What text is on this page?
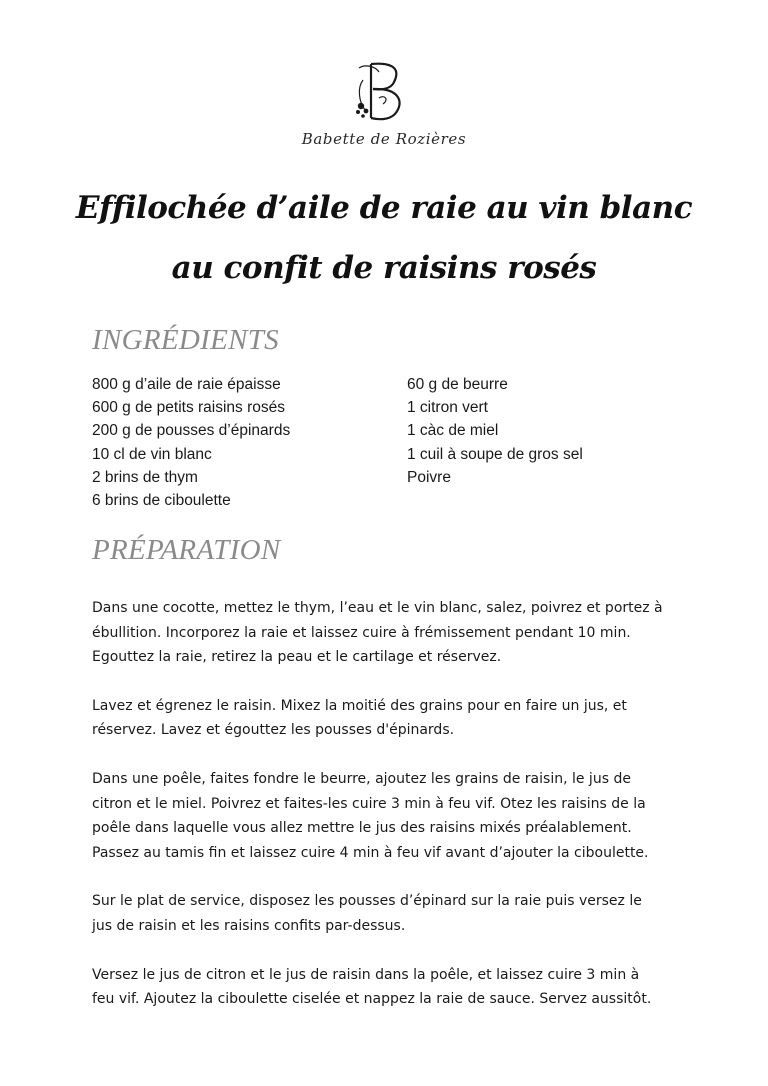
Babette de Rozières
Effilochée d’aile de raie au vin blanc
au confit de raisins rosés
INGRÉDIENTS
800 g d’aile de raie épaisse
600 g de petits raisins rosés
200 g de pousses d’épinards
10 cl de vin blanc
2 brins de thym
6 brins de ciboulette
60 g de beurre
1 citron vert
1 càc de miel
1 cuil à soupe de gros sel
Poivre
PRÉPARATION

Dans une cocotte, mettez le thym, l’eau et le vin blanc, salez, poivrez et portez à
ébullition. Incorporez la raie et laissez cuire à frémissement pendant 10 min.
Egouttez la raie, retirez la peau et le cartilage et réservez.

Lavez et égrenez le raisin. Mixez la moitié des grains pour en faire un jus, et
réservez. Lavez et égouttez les pousses d'épinards.

Dans une poêle, faites fondre le beurre, ajoutez les grains de raisin, le jus de
citron et le miel. Poivrez et faites-les cuire 3 min à feu vif. Otez les raisins de la
poêle dans laquelle vous allez mettre le jus des raisins mixés préalablement.
Passez au tamis fin et laissez cuire 4 min à feu vif avant d’ajouter la ciboulette.

Sur le plat de service, disposez les pousses d’épinard sur la raie puis versez le
jus de raisin et les raisins confits par-dessus.

Versez le jus de citron et le jus de raisin dans la poêle, et laissez cuire 3 min à
feu vif. Ajoutez la ciboulette ciselée et nappez la raie de sauce. Servez aussitôt.
